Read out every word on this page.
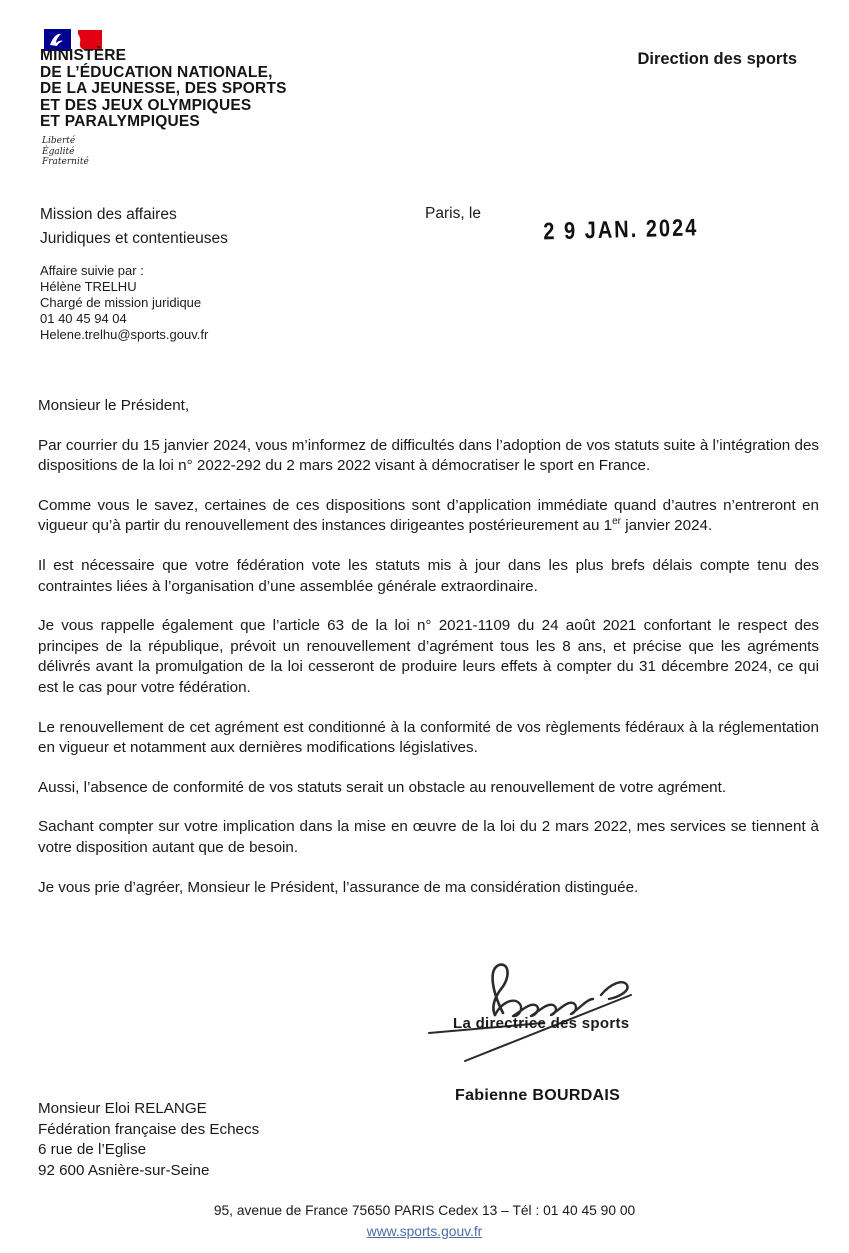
MINISTÈRE
DE L’ÉDUCATION NATIONALE,
DE LA JEUNESSE, DES SPORTS
ET DES JEUX OLYMPIQUES
ET PARALYMPIQUES
Liberté
Égalité
Fraternité
Direction des sports
Mission des affaires
Juridiques et contentieuses
Paris, le
2 9 JAN. 2024
Affaire suivie par :
Hélène TRELHU
Chargé de mission juridique
01 40 45 94 04
Helene.trelhu@sports.gouv.fr

Monsieur le Président,

Par courrier du 15 janvier 2024, vous m’informez de difficultés dans l’adoption de vos statuts suite à l’intégration des dispositions de la loi n° 2022-292 du 2 mars 2022 visant à démocratiser le sport en France.

Comme vous le savez, certaines de ces dispositions sont d’application immédiate quand d’autres n’entreront en vigueur qu’à partir du renouvellement des instances dirigeantes postérieurement au 1er janvier 2024.

Il est nécessaire que votre fédération vote les statuts mis à jour dans les plus brefs délais compte tenu des contraintes liées à l’organisation d’une assemblée générale extraordinaire.

Je vous rappelle également que l’article 63 de la loi n° 2021-1109 du 24 août 2021 confortant le respect des principes de la république, prévoit un renouvellement d’agrément tous les 8 ans, et précise que les agréments délivrés avant la promulgation de la loi cesseront de produire leurs effets à compter du 31 décembre 2024, ce qui est le cas pour votre fédération.

Le renouvellement de cet agrément est conditionné à la conformité de vos règlements fédéraux à la réglementation en vigueur et notamment aux dernières modifications législatives.

Aussi, l’absence de conformité de vos statuts serait un obstacle au renouvellement de votre agrément.

Sachant compter sur votre implication dans la mise en œuvre de la loi du 2 mars 2022, mes services se tiennent à votre disposition autant que de besoin.

Je vous prie d’agréer, Monsieur le Président, l’assurance de ma considération distinguée.

La directrice des sports
Fabienne BOURDAIS
Monsieur Eloi RELANGE
Fédération française des Echecs
6 rue de l’Eglise
92 600 Asnière-sur-Seine
95, avenue de France 75650 PARIS Cedex 13 – Tél : 01 40 45 90 00
www.sports.gouv.fr
